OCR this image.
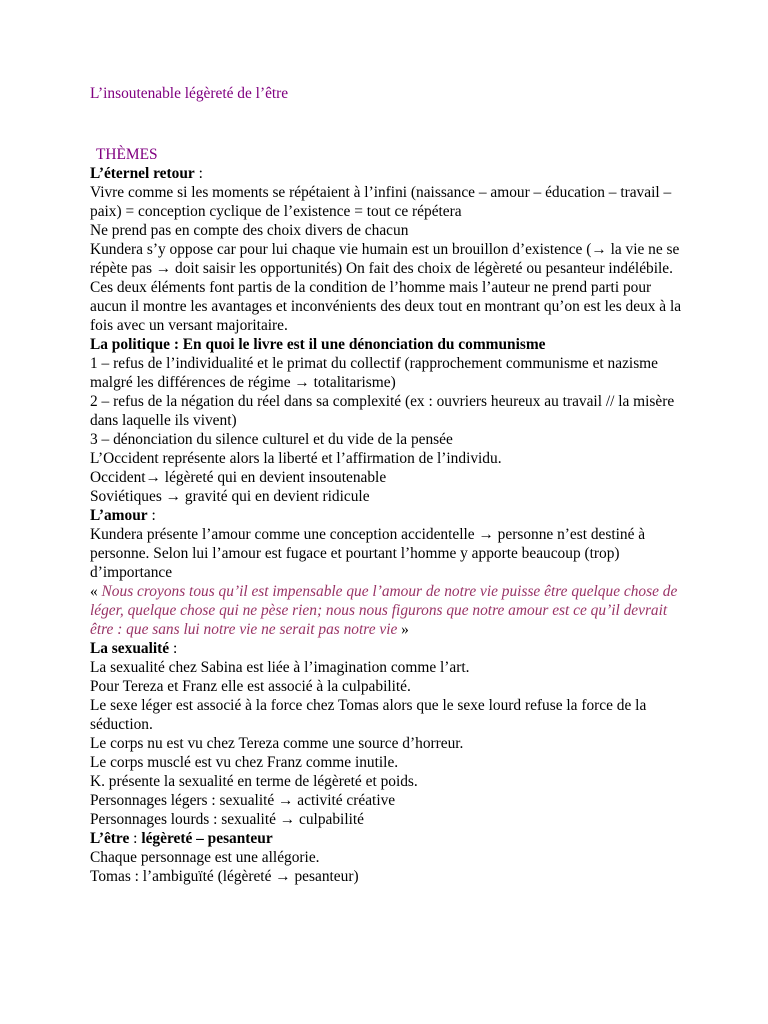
L’insoutenable légèreté de l’être
THÈMES
L’éternel retour :
Vivre comme si les moments se répétaient à l’infini (naissance – amour – éducation – travail – paix) = conception cyclique de l’existence = tout ce répétera
Ne prend pas en compte des choix divers de chacun
Kundera s’y oppose car pour lui chaque vie humain est un brouillon d’existence (→ la vie ne se répète pas → doit saisir les opportunités) On fait des choix de légèreté ou pesanteur indélébile. Ces deux éléments font partis de la condition de l’homme mais l’auteur ne prend parti pour aucun il montre les avantages et inconvénients des deux tout en montrant qu’on est les deux à la fois avec un versant majoritaire.
La politique : En quoi le livre est il une dénonciation du communisme
1 – refus de l’individualité et le primat du collectif (rapprochement communisme et nazisme malgré les différences de régime → totalitarisme)
2 – refus de la négation du réel dans sa complexité (ex : ouvriers heureux au travail // la misère dans laquelle ils vivent)
3 – dénonciation du silence culturel et du vide de la pensée
L’Occident représente alors la liberté et l’affirmation de l’individu.
Occident→ légèreté qui en devient insoutenable
Soviétiques → gravité qui en devient ridicule
L’amour :
Kundera présente l’amour comme une conception accidentelle → personne n’est destiné à personne. Selon lui l’amour est fugace et pourtant l’homme y apporte beaucoup (trop) d’importance
« Nous croyons tous qu’il est impensable que l’amour de notre vie puisse être quelque chose de léger, quelque chose qui ne pèse rien; nous nous figurons que notre amour est ce qu’il devrait être : que sans lui notre vie ne serait pas notre vie »
La sexualité :
La sexualité chez Sabina est liée à l’imagination comme l’art.
Pour Tereza et Franz elle est associé à la culpabilité.
Le sexe léger est associé à la force chez Tomas alors que le sexe lourd refuse la force de la séduction.
Le corps nu est vu chez Tereza comme une source d’horreur.
Le corps musclé est vu chez Franz comme inutile.
K. présente la sexualité en terme de légèreté et poids.
Personnages légers : sexualité → activité créative
Personnages lourds : sexualité → culpabilité
L’être : légèreté – pesanteur
Chaque personnage est une allégorie.
Tomas : l’ambiguïté (légèreté → pesanteur)
